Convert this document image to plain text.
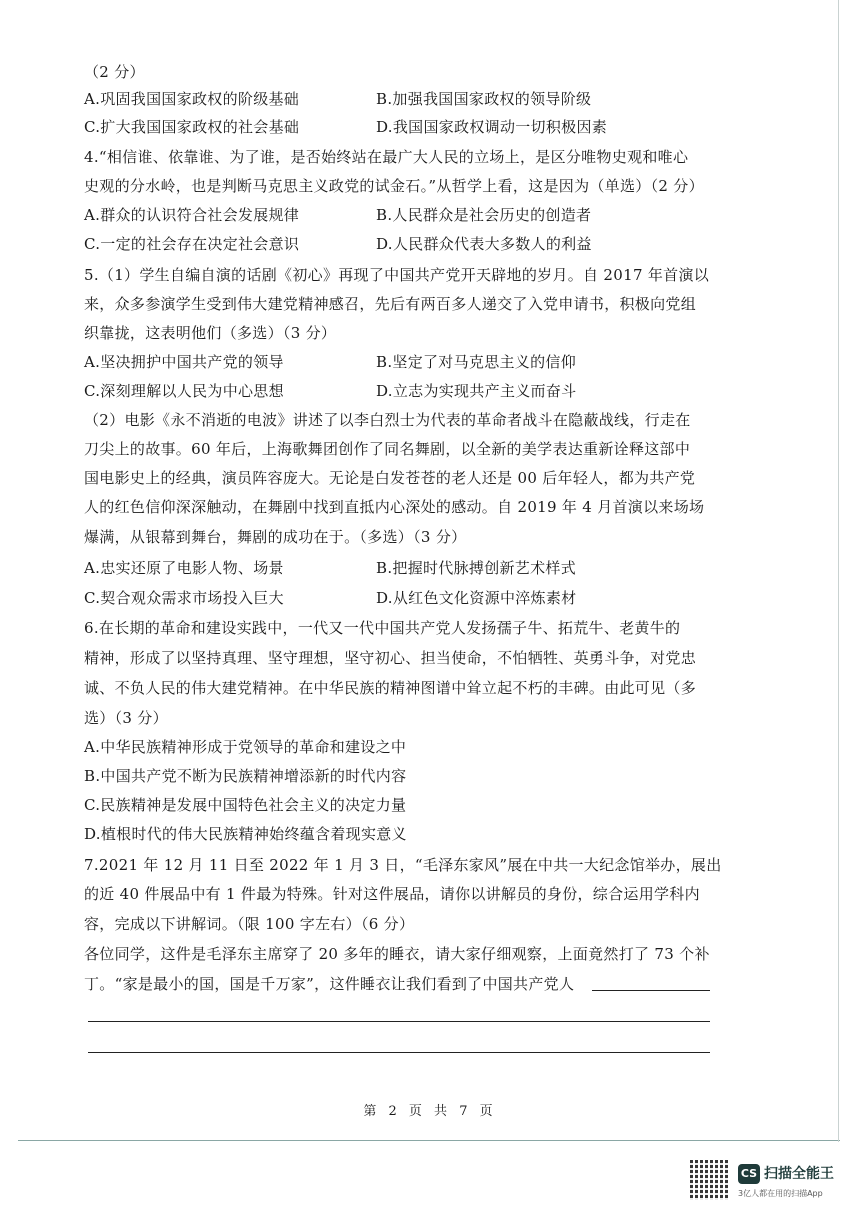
（2 分）
A.巩固我国国家政权的阶级基础	B.加强我国国家政权的领导阶级
C.扩大我国国家政权的社会基础	D.我国国家政权调动一切积极因素
4.“相信谁、依靠谁、为了谁，是否始终站在最广大人民的立场上，是区分唯物史观和唯心
史观的分水岭，也是判断马克思主义政党的试金石。”从哲学上看，这是因为（单选）（2 分）
A.群众的认识符合社会发展规律	B.人民群众是社会历史的创造者
C.一定的社会存在决定社会意识	D.人民群众代表大多数人的利益
5.（1）学生自编自演的话剧《初心》再现了中国共产党开天辟地的岁月。自 2017 年首演以
来，众多参演学生受到伟大建党精神感召，先后有两百多人递交了入党申请书，积极向党组
织靠拢，这表明他们（多选）（3 分）
A.坚决拥护中国共产党的领导	B.坚定了对马克思主义的信仰
C.深刻理解以人民为中心思想	D.立志为实现共产主义而奋斗
（2）电影《永不消逝的电波》讲述了以李白烈士为代表的革命者战斗在隐蔽战线，行走在
刀尖上的故事。60 年后，上海歌舞团创作了同名舞剧，以全新的美学表达重新诠释这部中
国电影史上的经典，演员阵容庞大。无论是白发苍苍的老人还是 00 后年轻人，都为共产党
人的红色信仰深深触动，在舞剧中找到直抵内心深处的感动。自 2019 年 4 月首演以来场场
爆满，从银幕到舞台，舞剧的成功在于。（多选）（3 分）
A.忠实还原了电影人物、场景	B.把握时代脉搏创新艺术样式
C.契合观众需求市场投入巨大	D.从红色文化资源中淬炼素材
6.在长期的革命和建设实践中，一代又一代中国共产党人发扬孺子牛、拓荒牛、老黄牛的
精神，形成了以坚持真理、坚守理想，坚守初心、担当使命，不怕牺牲、英勇斗争，对党忠
诚、不负人民的伟大建党精神。在中华民族的精神图谱中耸立起不朽的丰碑。由此可见（多
选）（3 分）
A.中华民族精神形成于党领导的革命和建设之中
B.中国共产党不断为民族精神增添新的时代内容
C.民族精神是发展中国特色社会主义的决定力量
D.植根时代的伟大民族精神始终蕴含着现实意义
7.2021 年 12 月 11 日至 2022 年 1 月 3 日，“毛泽东家风”展在中共一大纪念馆举办，展出
的近 40 件展品中有 1 件最为特殊。针对这件展品，请你以讲解员的身份，综合运用学科内
容，完成以下讲解词。（限 100 字左右）（6 分）
各位同学，这件是毛泽东主席穿了 20 多年的睡衣，请大家仔细观察，上面竟然打了 73 个补
丁。“家是最小的国，国是千万家”，这件睡衣让我们看到了中国共产党人
第 2 页 共 7 页
CS 扫描全能王
3亿人都在用的扫描App
